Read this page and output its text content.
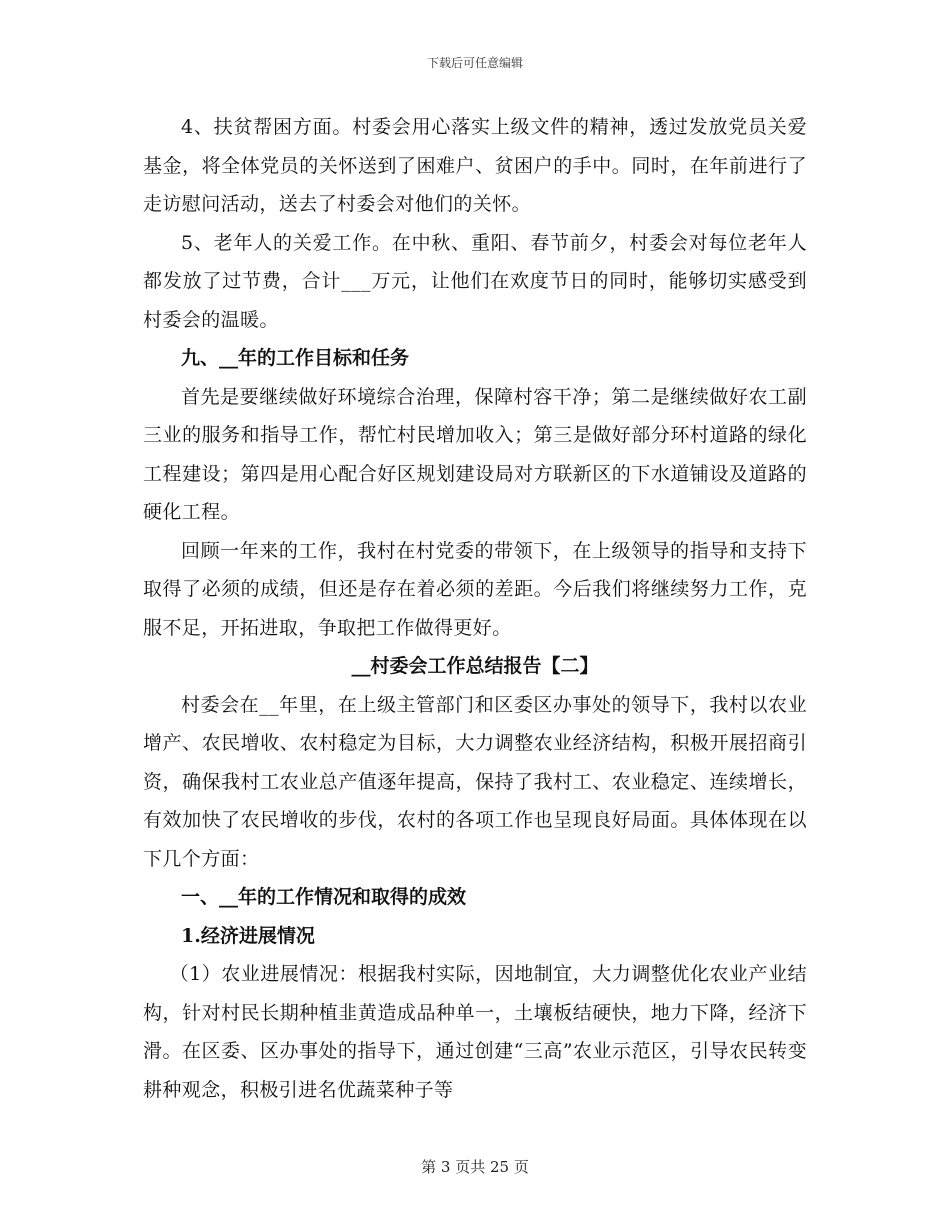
下载后可任意编辑

4、扶贫帮困方面。村委会用心落实上级文件的精神，透过发放党员关爱基金，将全体党员的关怀送到了困难户、贫困户的手中。同时，在年前进行了走访慰问活动，送去了村委会对他们的关怀。

5、老年人的关爱工作。在中秋、重阳、春节前夕，村委会对每位老年人都发放了过节费，合计___万元，让他们在欢度节日的同时，能够切实感受到村委会的温暖。

九、__年的工作目标和任务

首先是要继续做好环境综合治理，保障村容干净；第二是继续做好农工副三业的服务和指导工作，帮忙村民增加收入；第三是做好部分环村道路的绿化工程建设；第四是用心配合好区规划建设局对方联新区的下水道铺设及道路的硬化工程。

回顾一年来的工作，我村在村党委的带领下，在上级领导的指导和支持下取得了必须的成绩，但还是存在着必须的差距。今后我们将继续努力工作，克服不足，开拓进取，争取把工作做得更好。

__村委会工作总结报告【二】

村委会在__年里，在上级主管部门和区委区办事处的领导下，我村以农业增产、农民增收、农村稳定为目标，大力调整农业经济结构，积极开展招商引资，确保我村工农业总产值逐年提高，保持了我村工、农业稳定、连续增长，有效加快了农民增收的步伐，农村的各项工作也呈现良好局面。具体体现在以下几个方面：

一、__年的工作情况和取得的成效

1.经济进展情况

（1）农业进展情况：根据我村实际，因地制宜，大力调整优化农业产业结构，针对村民长期种植韭黄造成品种单一，土壤板结硬快，地力下降，经济下滑。在区委、区办事处的指导下，通过创建“三高”农业示范区，引导农民转变耕种观念，积极引进名优蔬菜种子等

第 3 页共 25 页
